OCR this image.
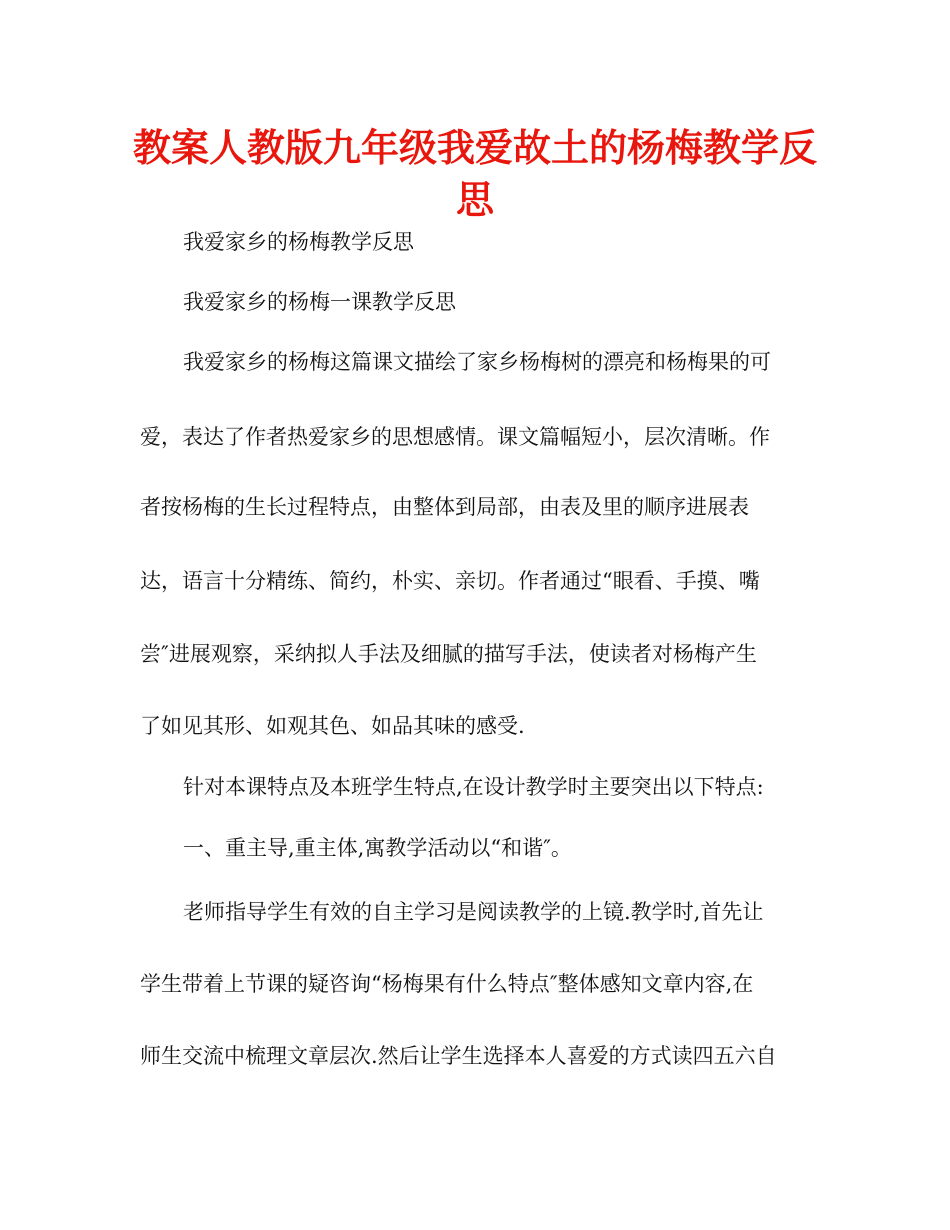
教案人教版九年级我爱故土的杨梅教学反思
我爱家乡的杨梅教学反思
我爱家乡的杨梅一课教学反思
我爱家乡的杨梅这篇课文描绘了家乡杨梅树的漂亮和杨梅果的可
爱，表达了作者热爱家乡的思想感情。课文篇幅短小，层次清晰。作
者按杨梅的生长过程特点，由整体到局部，由表及里的顺序进展表
达，语言十分精练、简约，朴实、亲切。作者通过“眼看、手摸、嘴
尝″进展观察，采纳拟人手法及细腻的描写手法，使读者对杨梅产生
了如见其形、如观其色、如品其味的感受.
针对本课特点及本班学生特点,在设计教学时主要突出以下特点:
一、重主导,重主体,寓教学活动以“和谐″。
老师指导学生有效的自主学习是阅读教学的上镜.教学时,首先让
学生带着上节课的疑咨询“杨梅果有什么特点″整体感知文章内容,在
师生交流中梳理文章层次.然后让学生选择本人喜爱的方式读四五六自
